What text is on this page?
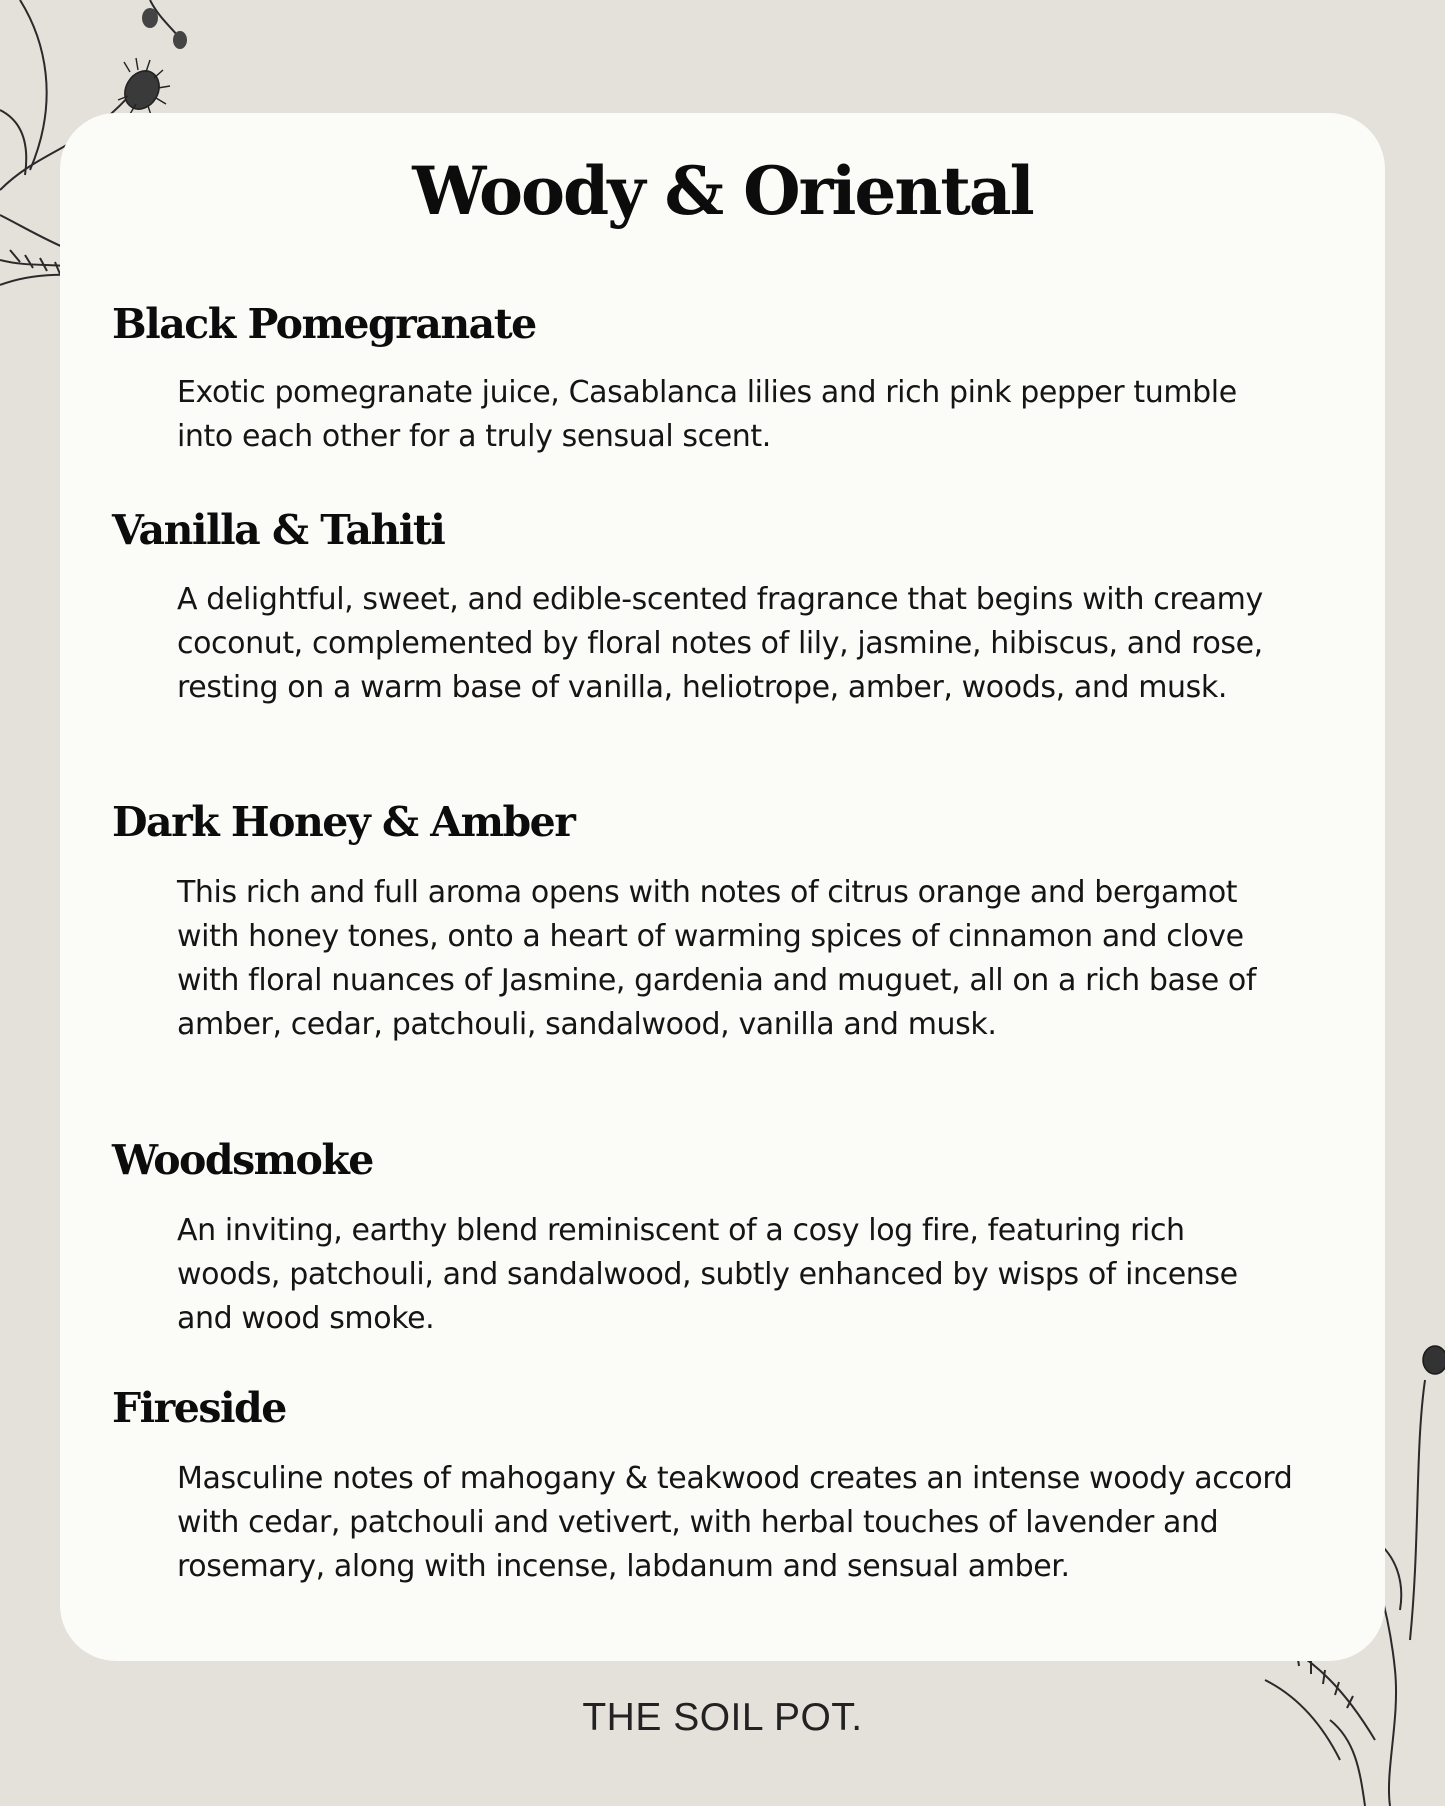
Woody & Oriental
Black Pomegranate

Exotic pomegranate juice, Casablanca lilies and rich pink pepper tumble into each other for a truly sensual scent.

Vanilla & Tahiti

A delightful, sweet, and edible-scented fragrance that begins with creamy coconut, complemented by floral notes of lily, jasmine, hibiscus, and rose, resting on a warm base of vanilla, heliotrope, amber, woods, and musk.

Dark Honey & Amber

This rich and full aroma opens with notes of citrus orange and bergamot with honey tones, onto a heart of warming spices of cinnamon and clove with floral nuances of Jasmine, gardenia and muguet, all on a rich base of amber, cedar, patchouli, sandalwood, vanilla and musk.

Woodsmoke

An inviting, earthy blend reminiscent of a cosy log fire, featuring rich woods, patchouli, and sandalwood, subtly enhanced by wisps of incense and wood smoke.

Fireside

Masculine notes of mahogany & teakwood creates an intense woody accord with cedar, patchouli and vetivert, with herbal touches of lavender and rosemary, along with incense, labdanum and sensual amber.

THE SOIL POT.
